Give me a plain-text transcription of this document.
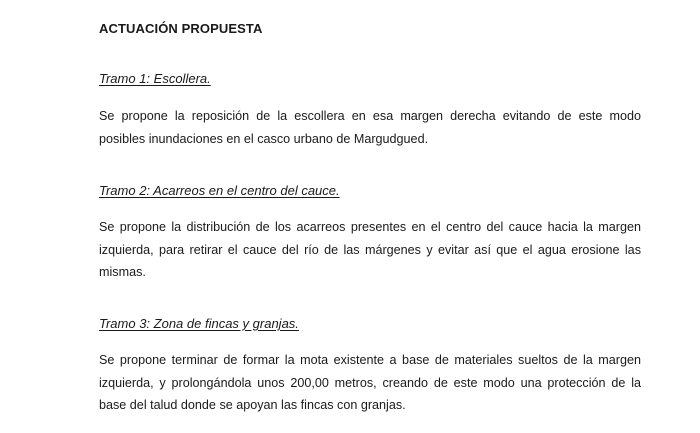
ACTUACIÓN PROPUESTA
Tramo 1: Escollera.
Se propone la reposición de la escollera en esa margen derecha evitando de este modo
posibles inundaciones en el casco urbano de Margudgued.
Tramo 2: Acarreos en el centro del cauce.
Se propone la distribución de los acarreos presentes en el centro del cauce hacia la margen
izquierda, para retirar el cauce del río de las márgenes y evitar así que el agua erosione las
mismas.
Tramo 3: Zona de fincas y granjas.
Se propone terminar de formar la mota existente a base de materiales sueltos de la margen
izquierda, y prolongándola unos 200,00 metros, creando de este modo una protección de la
base del talud donde se apoyan las fincas con granjas.
